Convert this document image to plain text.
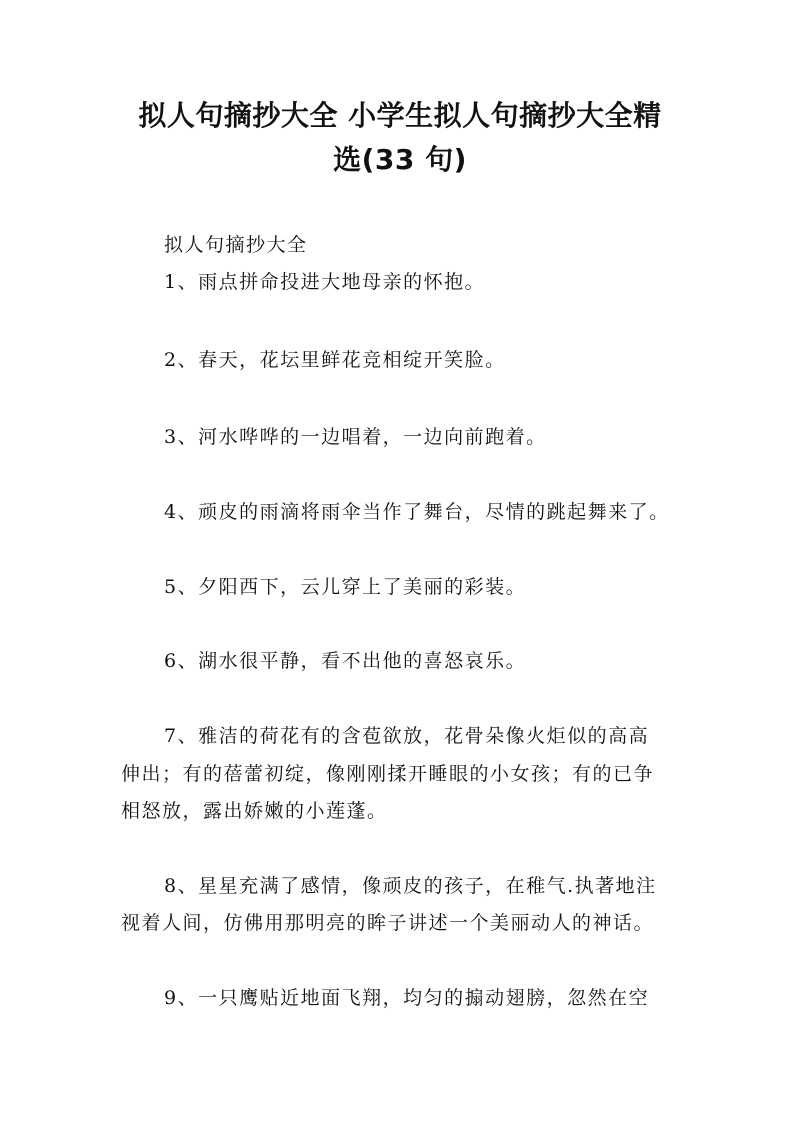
拟人句摘抄大全 小学生拟人句摘抄大全精
选(33 句)
拟人句摘抄大全
1、雨点拼命投进大地母亲的怀抱。
2、春天，花坛里鲜花竞相绽开笑脸。
3、河水哗哗的一边唱着，一边向前跑着。
4、顽皮的雨滴将雨伞当作了舞台，尽情的跳起舞来了。
5、夕阳西下，云儿穿上了美丽的彩装。
6、湖水很平静，看不出他的喜怒哀乐。
7、雅洁的荷花有的含苞欲放，花骨朵像火炬似的高高
伸出；有的蓓蕾初绽，像刚刚揉开睡眼的小女孩；有的已争
相怒放，露出娇嫩的小莲蓬。
8、星星充满了感情，像顽皮的孩子，在稚气.执著地注
视着人间，仿佛用那明亮的眸子讲述一个美丽动人的神话。
9、一只鹰贴近地面飞翔，均匀的搧动翅膀，忽然在空
